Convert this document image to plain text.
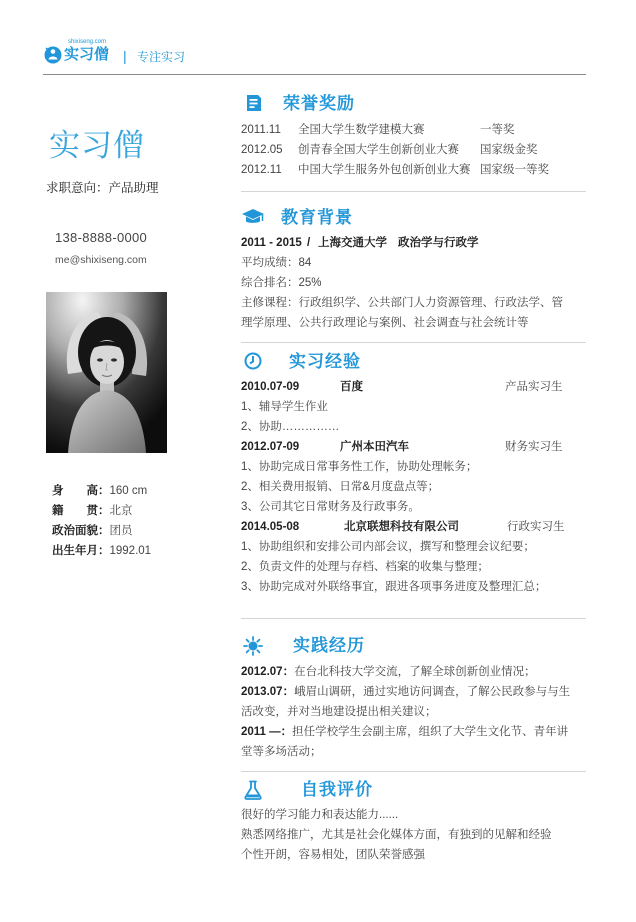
shixiseng.com
实习僧 | 专注实习
实习僧
求职意向：产品助理
138-8888-0000
me@shixiseng.com
身　　高：160 cm
籍　　贯：北京
政治面貌：团员
出生年月：1992.01
荣誉奖励
2011.11 全国大学生数学建模大赛	一等奖
2012.05 创青春全国大学生创新创业大赛 国家级金奖
2012.11 中国大学生服务外包创新创业大赛 国家级一等奖
教育背景
2011 - 2015 / 上海交通大学 政治学与行政学
平均成绩：84
综合排名：25%
主修课程：行政组织学、公共部门人力资源管理、行政法学、管
理学原理、公共行政理论与案例、社会调查与社会统计等
实习经验
2010.07-09	百度	产品实习生
1、辅导学生作业
2、协助……………
2012.07-09	广州本田汽车	财务实习生
1、协助完成日常事务性工作，协助处理帐务；
2、相关费用报销、日常&月度盘点等；
3、公司其它日常财务及行政事务。
2014.05-08	北京联想科技有限公司	行政实习生
1、协助组织和安排公司内部会议，撰写和整理会议纪要；
2、负责文件的处理与存档、档案的收集与整理；
3、协助完成对外联络事宜，跟进各项事务进度及整理汇总；
实践经历
2012.07：在台北科技大学交流，了解全球创新创业情况；
2013.07：峨眉山调研，通过实地访问调查，了解公民政参与与生
活改变，并对当地建设提出相关建议；
2011 —：担任学校学生会副主席，组织了大学生文化节、青年讲
堂等多场活动；
自我评价
很好的学习能力和表达能力......
熟悉网络推广，尤其是社会化媒体方面，有独到的见解和经验
个性开朗，容易相处，团队荣誉感强
